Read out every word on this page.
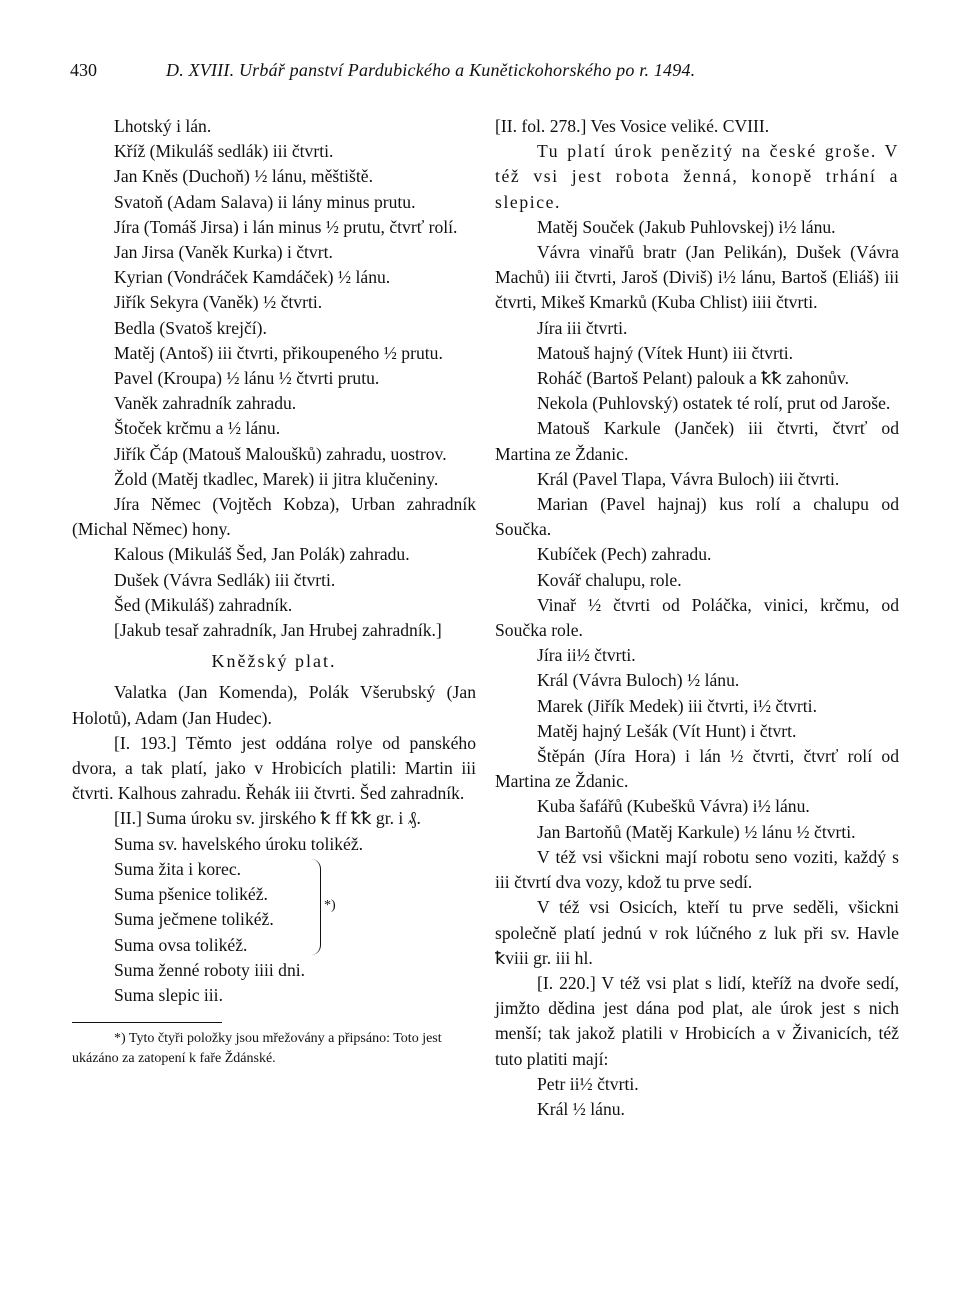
430	D. XVIII. Urbář panství Pardubického a Kunětickohorského po r. 1494.

Lhotský i lán.

Kříž (Mikuláš sedlák) iii čtvrti.

Jan Kněs (Duchoň) ½ lánu, měštiště.

Svatoň (Adam Salava) ii lány minus prutu.

Jíra (Tomáš Jirsa) i lán minus ½ prutu, čtvrť rolí.

Jan Jirsa (Vaněk Kurka) i čtvrt.

Kyrian (Vondráček Kamdáček) ½ lánu.

Jiřík Sekyra (Vaněk) ½ čtvrti.

Bedla (Svatoš krejčí).

Matěj (Antoš) iii čtvrti, přikoupeného ½ prutu.

Pavel (Kroupa) ½ lánu ½ čtvrti prutu.

Vaněk zahradník zahradu.

Štoček krčmu a ½ lánu.

Jiřík Čáp (Matouš Maloušků) zahradu, uostrov.

Žold (Matěj tkadlec, Marek) ii jitra klučeniny.

Jíra Němec (Vojtěch Kobza), Urban zahradník (Michal Němec) hony.

Kalous (Mikuláš Šed, Jan Polák) zahradu.

Dušek (Vávra Sedlák) iii čtvrti.

Šed (Mikuláš) zahradník.

[Jakub tesař zahradník, Jan Hrubej zahradník.]

Kněžský plat.

Valatka (Jan Komenda), Polák Všerubský (Jan Holotů), Adam (Jan Hudec).

[I. 193.] Těmto jest oddána rolye od panského dvora, a tak platí, jako v Hrobicích platili: Martin iii čtvrti. Kalhous zahradu. Řehák iii čtvrti. Šed zahradník.

[II.] Suma úroku sv. jirského ꝁ ff ꝁꝁ gr. i ₰.

Suma sv. havelského úroku tolikéž.

Suma žita i korec.

Suma pšenice tolikéž.

Suma ječmene tolikéž.

Suma ovsa tolikéž.

*)

Suma ženné roboty iiii dni.

Suma slepic iii.

*) Tyto čtyři položky jsou mřežovány a připsáno: Toto jest ukázáno za zatopení k faře Ždánské.

[II. fol. 278.] Ves Vosice veliké. CVIII.

Tu platí úrok penězitý na české groše. V též vsi jest robota ženná, konopě trhání a slepice.

Matěj Souček (Jakub Puhlovskej) i½ lánu.

Vávra vinařů bratr (Jan Pelikán), Dušek (Vávra Machů) iii čtvrti, Jaroš (Diviš) i½ lánu, Bartoš (Eliáš) iii čtvrti, Mikeš Kmarků (Kuba Chlist) iiii čtvrti.

Jíra iii čtvrti.

Matouš hajný (Vítek Hunt) iii čtvrti.

Roháč (Bartoš Pelant) palouk a ꝁꝁ zahonův.

Nekola (Puhlovský) ostatek té rolí, prut od Jaroše.

Matouš Karkule (Janček) iii čtvrti, čtvrť od Martina ze Ždanic.

Král (Pavel Tlapa, Vávra Buloch) iii čtvrti.

Marian (Pavel hajnaj) kus rolí a chalupu od Součka.

Kubíček (Pech) zahradu.

Kovář chalupu, role.

Vinař ½ čtvrti od Poláčka, vinici, krčmu, od Součka role.

Jíra ii½ čtvrti.

Král (Vávra Buloch) ½ lánu.

Marek (Jiřík Medek) iii čtvrti, i½ čtvrti.

Matěj hajný Lešák (Vít Hunt) i čtvrt.

Štěpán (Jíra Hora) i lán ½ čtvrti, čtvrť rolí od Martina ze Ždanic.

Kuba šafářů (Kubešků Vávra) i½ lánu.

Jan Bartoňů (Matěj Karkule) ½ lánu ½ čtvrti.

V též vsi všickni mají robotu seno voziti, každý s iii čtvrtí dva vozy, kdož tu prve sedí.

V též vsi Osicích, kteří tu prve seděli, všickni společně platí jednú v rok lúčného z luk při sv. Havle ꝁviii gr. iii hl.

[I. 220.] V též vsi plat s lidí, kteříž na dvoře sedí, jimžto dědina jest dána pod plat, ale úrok jest s nich menší; tak jakož platili v Hrobicích a v Živanicích, též tuto platiti mají:

Petr ii½ čtvrti.

Král ½ lánu.
